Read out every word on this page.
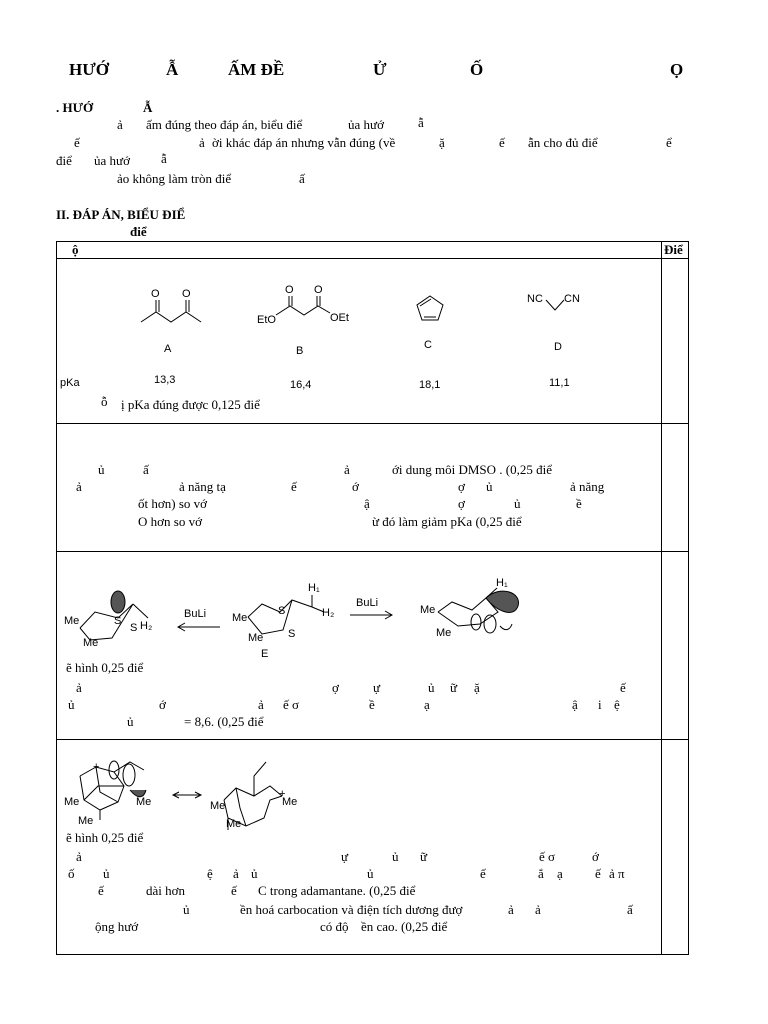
HƯỚ	Ẫ	ẤM ĐỀ	Ử	Ố	Ọ
. HƯỚ	Ẫ
ả ấm đúng theo đáp án, biểu điể	ủa hướ	ẫ
ế	ả ời khác đáp án nhưng vẫn đúng (về	ặ	ế ẫn cho đủ điể	ể
điể ủa hướ ẫ
ảo không làm tròn điể	ấ
II. ĐÁP ÁN, BIỂU ĐIỂ
điể
ộ	Điể
O O	O O
EtO	OEt
NC CN
A	B	C	D
pKa	13,3	16,4	18,1	11,1
ỗ ị pKa đúng được 0,125 điể
ủ	ấ	ả	ới dung môi DMSO . (0,25 điể
ả	ả năng tạ	ế	ớ	ợ ủ	ả năng
ốt hơn) so vớ	ậ	ợ	ủ	ề
O hơn so vớ	ừ đó làm giảm pKa (0,25 điể
Me
Me
S
S H₂
BuLi
BuLi
Me
Me
S
S
H₁
H₂
E
Me
Me
H₁
ẽ hình 0,25 điể
ả	ợ	ự	ủ ữ ặ	ế
ủ	ớ	ả ế σ	ề	ạ	ậ i ệ
ủ	= 8,6. (0,25 điể
+
Me
Me
Me	Me
Me
Me
+
ẽ hình 0,25 điể
ả	ự	ủ ữ	ế σ	ớ
ố ủ	ệ ả ủ	ủ	ế	ắ ạ ế ả π
ế	dài hơn	ế C trong adamantane. (0,25 điể
ủ	ền hoá carbocation và điện tích dương đượ	ả ả	ấ
ộng hướ	có độ ền cao. (0,25 điể
